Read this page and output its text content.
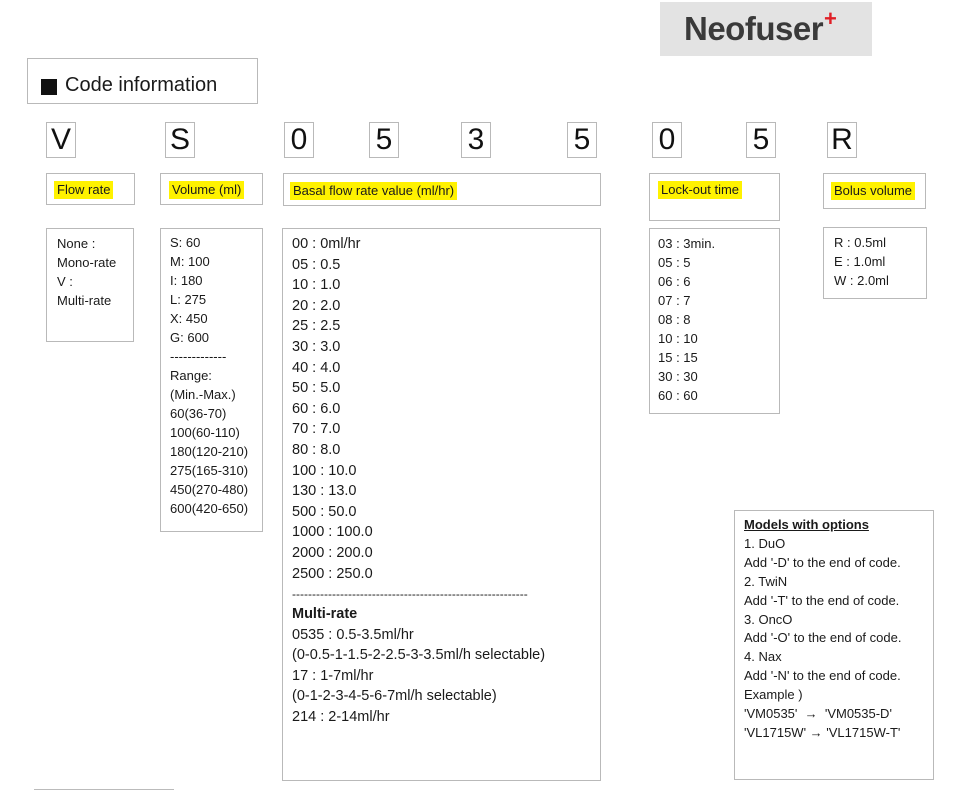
Neofuser+
Code information
V	S	0 5	3	5 0	5 R
Flow rate	Volume (ml)	Basal flow rate value (ml/hr)	Lock-out time	Bolus volume
None :
Mono-rate
V :
Multi-rate
S: 60
M: 100
I: 180
L: 275
X: 450
G: 600
-------------
Range:
(Min.-Max.)
60(36-70)
100(60-110)
180(120-210)
275(165-310)
450(270-480)
600(420-650)
00 : 0ml/hr
05 : 0.5
10 : 1.0
20 : 2.0
25 : 2.5
30 : 3.0
40 : 4.0
50 : 5.0
60 : 6.0
70 : 7.0
80 : 8.0
100 : 10.0
130 : 13.0
500 : 50.0
1000 : 100.0
2000 : 200.0
2500 : 250.0
-----------------------------------------------------------
Multi-rate
0535 : 0.5-3.5ml/hr
(0-0.5-1-1.5-2-2.5-3-3.5ml/h selectable)
17 : 1-7ml/hr
(0-1-2-3-4-5-6-7ml/h selectable)
214 : 2-14ml/hr
03 : 3min.
05 : 5
06 : 6
07 : 7
08 : 8
10 : 10
15 : 15
30 : 30
60 : 60
R : 0.5ml
E : 1.0ml
W : 2.0ml
Models with options
1. DuO
Add '-D' to the end of code.
2. TwiN
Add '-T' to the end of code.
3. OncO
Add '-O' to the end of code.
4. Nax
Add '-N' to the end of code.
Example )
'VM0535'  →  'VM0535-D'
'VL1715W' → 'VL1715W-T'
